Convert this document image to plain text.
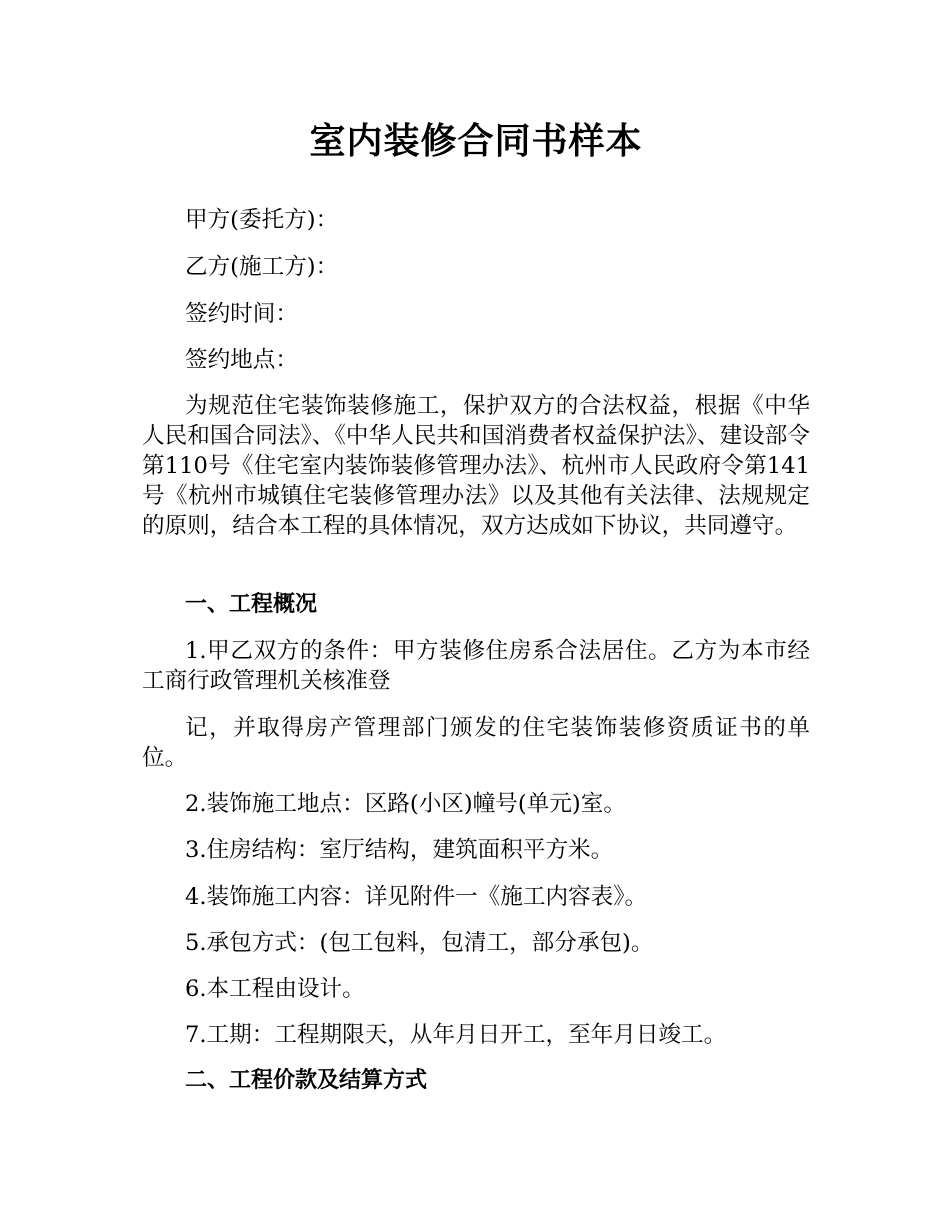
室内装修合同书样本

甲方(委托方)：

乙方(施工方)：

签约时间：

签约地点：

为规范住宅装饰装修施工，保护双方的合法权益，根据《中华人民和国合同法》、《中华人民共和国消费者权益保护法》、建设部令第110号《住宅室内装饰装修管理办法》、杭州市人民政府令第141号《杭州市城镇住宅装修管理办法》以及其他有关法律、法规规定的原则，结合本工程的具体情况，双方达成如下协议，共同遵守。

一、工程概况

1.甲乙双方的条件：甲方装修住房系合法居住。乙方为本市经工商行政管理机关核准登

记，并取得房产管理部门颁发的住宅装饰装修资质证书的单位。

2.装饰施工地点：区路(小区)幢号(单元)室。

3.住房结构：室厅结构，建筑面积平方米。

4.装饰施工内容：详见附件一《施工内容表》。

5.承包方式：(包工包料，包清工，部分承包)。

6.本工程由设计。

7.工期：工程期限天，从年月日开工，至年月日竣工。

二、工程价款及结算方式
